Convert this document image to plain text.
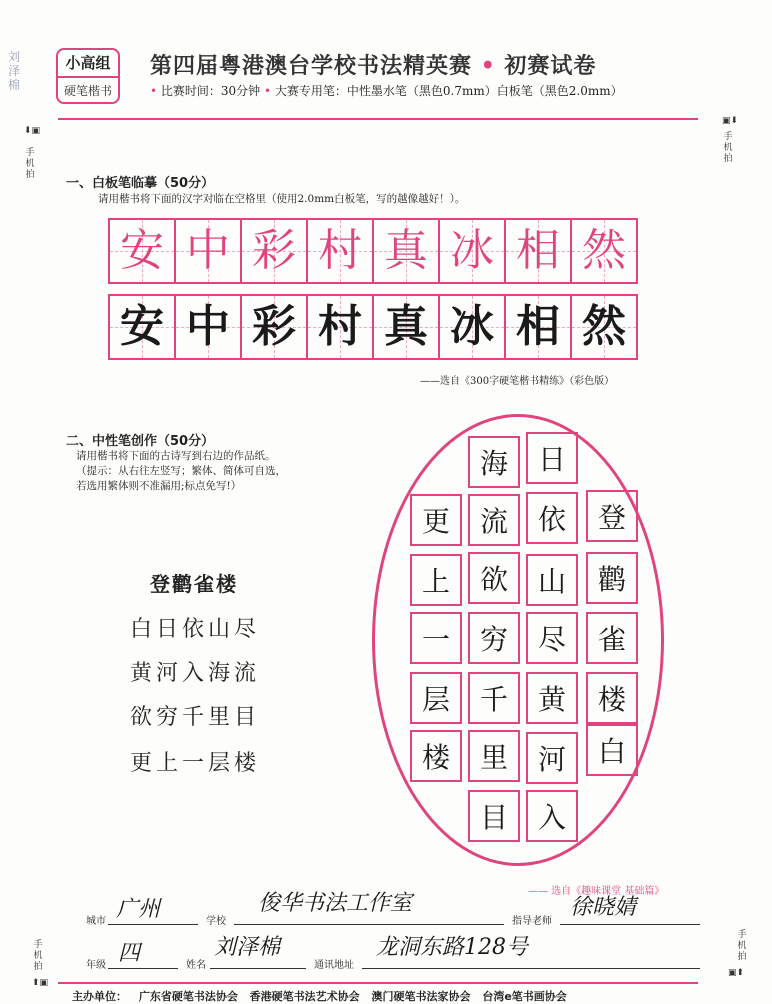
刘泽棉
小高组
硬笔楷书
第四届粤港澳台学校书法精英赛 • 初赛试卷
• 比赛时间：30分钟 • 大赛专用笔：中性墨水笔（黑色0.7mm）白板笔（黑色2.0mm）
⬇▣
手机拍
▣⬇
手机拍
手机拍
⬆▣
手机拍
▣⬆
一、白板笔临摹（50分）
请用楷书将下面的汉字对临在空格里（使用2.0mm白板笔，写的越像越好！）。
安 中 彩 村 真 冰 相 然
安 中 彩 村 真 冰 相 然
——选自《300字硬笔楷书精练》（彩色版）
二、中性笔创作（50分）
请用楷书将下面的古诗写到右边的作品纸。
（提示：从右往左竖写；繁体、简体可自选，
若选用繁体则不准漏用;标点免写!）
登鹳雀楼
白日依山尽
黄河入海流
欲穷千里目
更上一层楼
登
鹳
雀
楼
白
日
依
山
尽
黄
河
入
海
流
欲
穷
千
里
目
更
上
一
层
楼
—— 选自《趣味课堂 基础篇》
城市 广州	学校
俊华书法工作室
指导老师
徐晓婧
年级 四	姓名
刘泽棉
通讯地址
龙洞东路128号
主办单位： 广东省硬笔书法协会 香港硬笔书法艺术协会 澳门硬笔书法家协会 台湾e笔书画协会
